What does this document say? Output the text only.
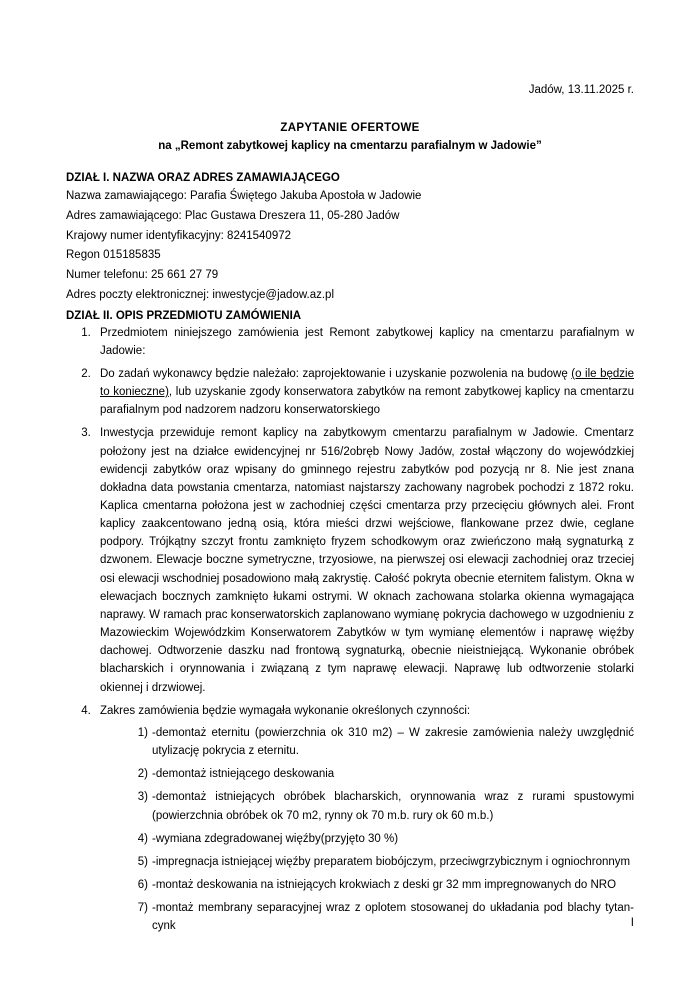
Jadów, 13.11.2025 r.
ZAPYTANIE OFERTOWE
na „Remont zabytkowej kaplicy na cmentarzu parafialnym w Jadowie”
DZIAŁ I. NAZWA ORAZ ADRES ZAMAWIAJĄCEGO
Nazwa zamawiającego: Parafia Świętego Jakuba Apostoła w Jadowie
Adres zamawiającego: Plac Gustawa Dreszera 11, 05-280 Jadów
Krajowy numer identyfikacyjny: 8241540972
Regon 015185835
Numer telefonu: 25 661 27 79
Adres poczty elektronicznej: inwestycje@jadow.az.pl
DZIAŁ II. OPIS PRZEDMIOTU ZAMÓWIENIA
1. Przedmiotem niniejszego zamówienia jest Remont zabytkowej kaplicy na cmentarzu parafialnym w Jadowie:
2. Do zadań wykonawcy będzie należało: zaprojektowanie i uzyskanie pozwolenia na budowę (o ile będzie to konieczne), lub uzyskanie zgody konserwatora zabytków na remont zabytkowej kaplicy na cmentarzu parafialnym pod nadzorem nadzoru konserwatorskiego
3. Inwestycja przewiduje remont kaplicy na zabytkowym cmentarzu parafialnym w Jadowie. Cmentarz położony jest na działce ewidencyjnej nr 516/2obręb Nowy Jadów, został włączony do wojewódzkiej ewidencji zabytków oraz wpisany do gminnego rejestru zabytków pod pozycją nr 8. Nie jest znana dokładna data powstania cmentarza, natomiast najstarszy zachowany nagrobek pochodzi z 1872 roku. Kaplica cmentarna położona jest w zachodniej części cmentarza przy przecięciu głównych alei. Front kaplicy zaakcentowano jedną osią, która mieści drzwi wejściowe, flankowane przez dwie, ceglane podpory. Trójkątny szczyt frontu zamknięto fryzem schodkowym oraz zwieńczono małą sygnaturką z dzwonem. Elewacje boczne symetryczne, trzyosiowe, na pierwszej osi elewacji zachodniej oraz trzeciej osi elewacji wschodniej posadowiono małą zakrystię. Całość pokryta obecnie eternitem falistym. Okna w elewacjach bocznych zamknięto łukami ostrymi. W oknach zachowana stolarka okienna wymagająca naprawy. W ramach prac konserwatorskich zaplanowano wymianę pokrycia dachowego w uzgodnieniu z Mazowieckim Wojewódzkim Konserwatorem Zabytków w tym wymianę elementów i naprawę więźby dachowej. Odtworzenie daszku nad frontową sygnaturką, obecnie nieistniejącą. Wykonanie obróbek blacharskich i orynnowania i związaną z tym naprawę elewacji. Naprawę lub odtworzenie stolarki okiennej i drzwiowej.
4. Zakres zamówienia będzie wymagała wykonanie określonych czynności:
-demontaż eternitu (powierzchnia ok 310 m2) – W zakresie zamówienia należy uwzględnić utylizację pokrycia z eternitu.
-demontaż istniejącego deskowania
-demontaż istniejących obróbek blacharskich, orynnowania wraz z rurami spustowymi (powierzchnia obróbek ok 70 m2, rynny ok 70 m.b. rury ok 60 m.b.)
-wymiana zdegradowanej więźby(przyjęto 30 %)
-impregnacja istniejącej więźby preparatem biobójczym, przeciwgrzybicznym i ogniochronnym
-montaż deskowania na istniejących krokwiach z deski gr 32 mm impregnowanych do NRO
-montaż membrany separacyjnej wraz z oplotem stosowanej do układania pod blachy tytan-cynk	I
